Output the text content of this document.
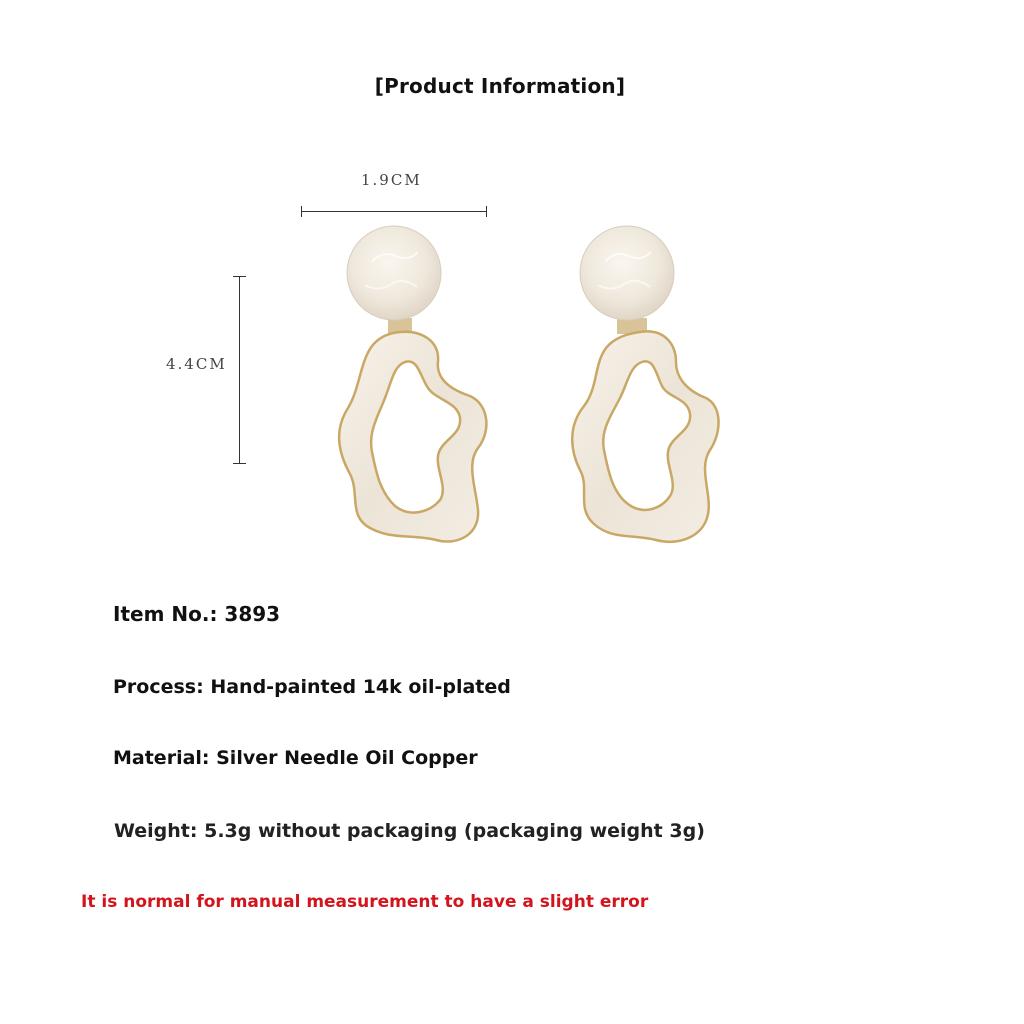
[Product Information]
1.9CM
4.4CM
Item No.: 3893
Process: Hand-painted 14k oil-plated
Material: Silver Needle Oil Copper
Weight: 5.3g without packaging (packaging weight 3g)
It is normal for manual measurement to have a slight error
